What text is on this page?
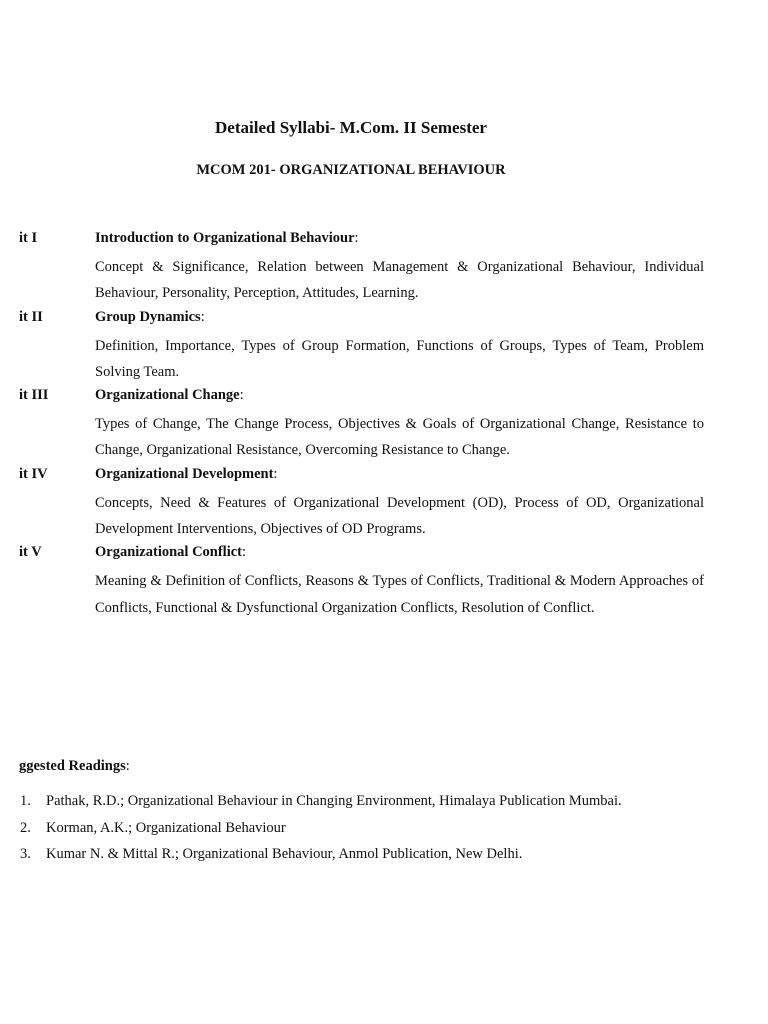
Detailed Syllabi- M.Com. II Semester
MCOM 201- ORGANIZATIONAL BEHAVIOUR
it I	Introduction to Organizational Behaviour:
Concept & Significance, Relation between Management & Organizational Behaviour, Individual Behaviour, Personality, Perception, Attitudes, Learning.
it II	Group Dynamics:
Definition, Importance, Types of Group Formation, Functions of Groups, Types of Team, Problem Solving Team.
it III	Organizational Change:
Types of Change, The Change Process, Objectives & Goals of Organizational Change, Resistance to Change, Organizational Resistance, Overcoming Resistance to Change.
it IV	Organizational Development:
Concepts, Need & Features of Organizational Development (OD), Process of OD, Organizational Development Interventions, Objectives of OD Programs.
it V	Organizational Conflict:
Meaning & Definition of Conflicts, Reasons & Types of Conflicts, Traditional & Modern Approaches of Conflicts, Functional & Dysfunctional Organization Conflicts, Resolution of Conflict.
ggested Readings:
1. Pathak, R.D.; Organizational Behaviour in Changing Environment, Himalaya Publication Mumbai.
2. Korman, A.K.; Organizational Behaviour
3. Kumar N. & Mittal R.; Organizational Behaviour, Anmol Publication, New Delhi.
